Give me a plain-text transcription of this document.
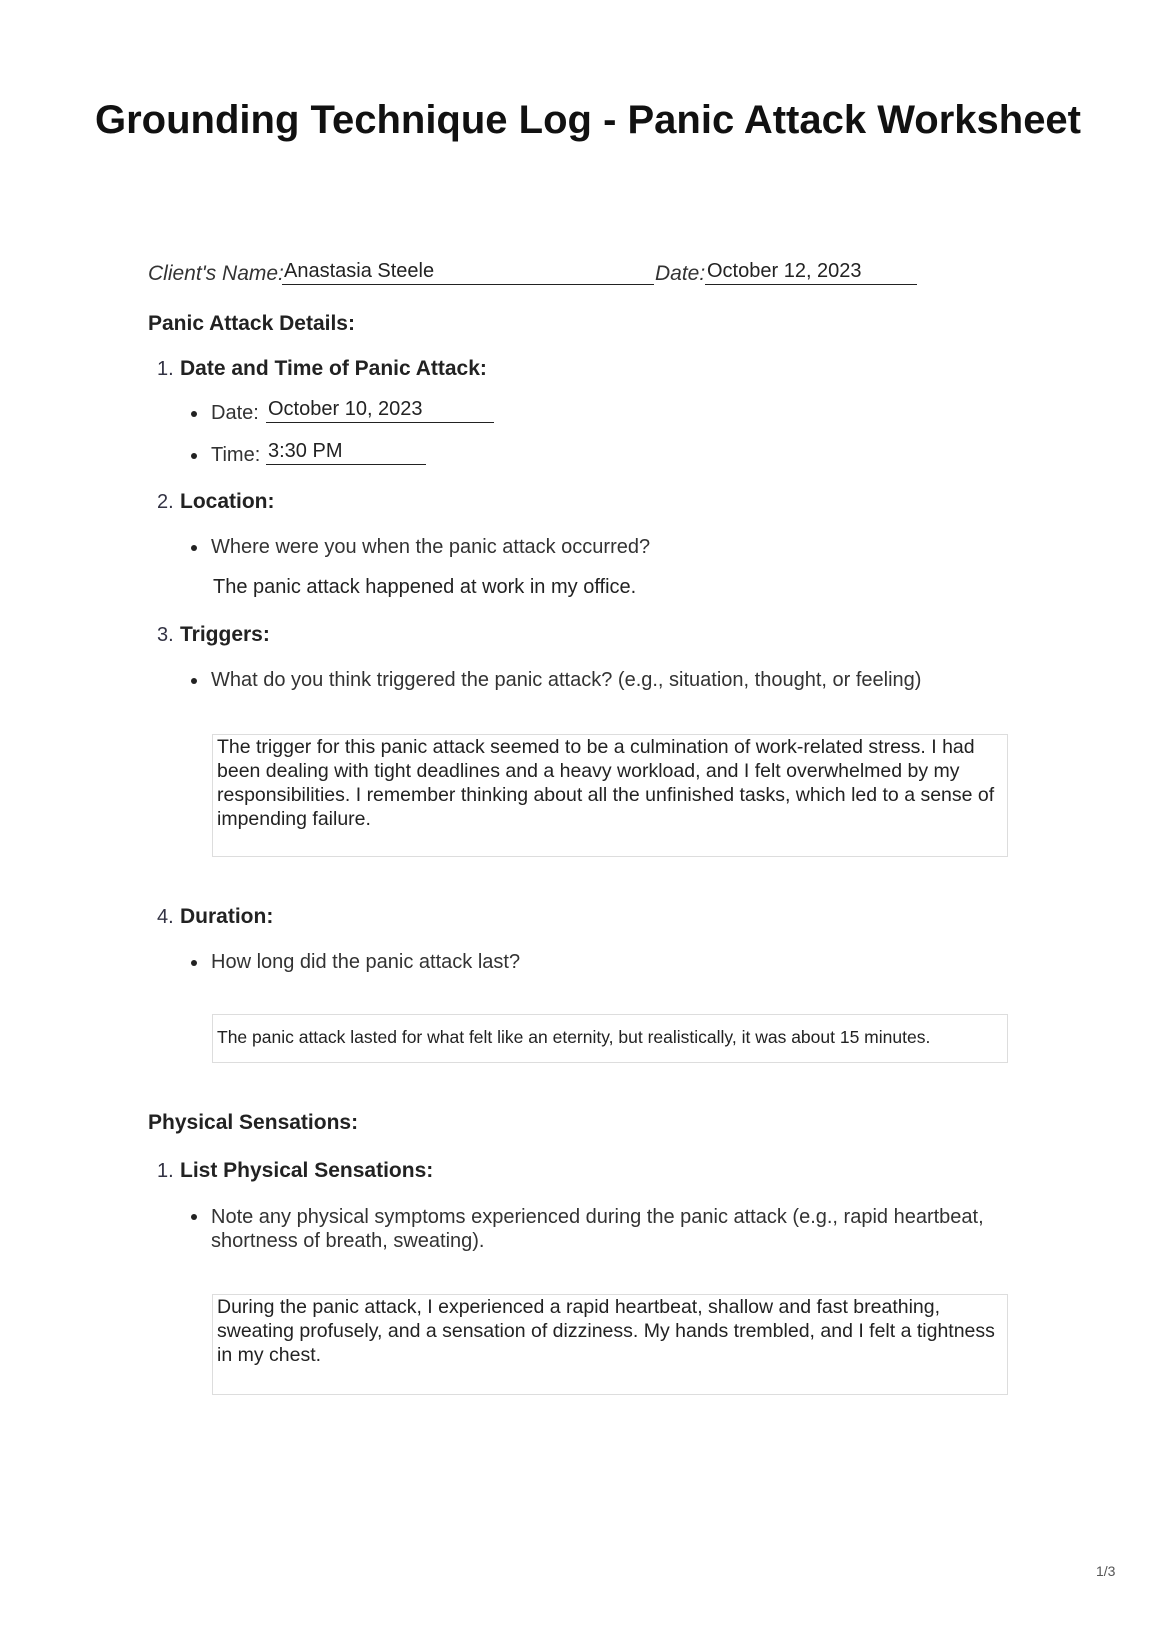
Grounding Technique Log - Panic Attack Worksheet
Client's Name: Anastasia Steele	Date: October 12, 2023
Panic Attack Details:
1. Date and Time of Panic Attack:
Date: October 10, 2023
Time: 3:30 PM
2. Location:
Where were you when the panic attack occurred?
The panic attack happened at work in my office.
3. Triggers:
What do you think triggered the panic attack? (e.g., situation, thought, or feeling)
The trigger for this panic attack seemed to be a culmination of work-related stress. I had been dealing with tight deadlines and a heavy workload, and I felt overwhelmed by my responsibilities. I remember thinking about all the unfinished tasks, which led to a sense of impending failure.
4. Duration:
How long did the panic attack last?
The panic attack lasted for what felt like an eternity, but realistically, it was about 15 minutes.
Physical Sensations:
1. List Physical Sensations:
Note any physical symptoms experienced during the panic attack (e.g., rapid heartbeat, shortness of breath, sweating).
During the panic attack, I experienced a rapid heartbeat, shallow and fast breathing, sweating profusely, and a sensation of dizziness. My hands trembled, and I felt a tightness in my chest.
1/3
